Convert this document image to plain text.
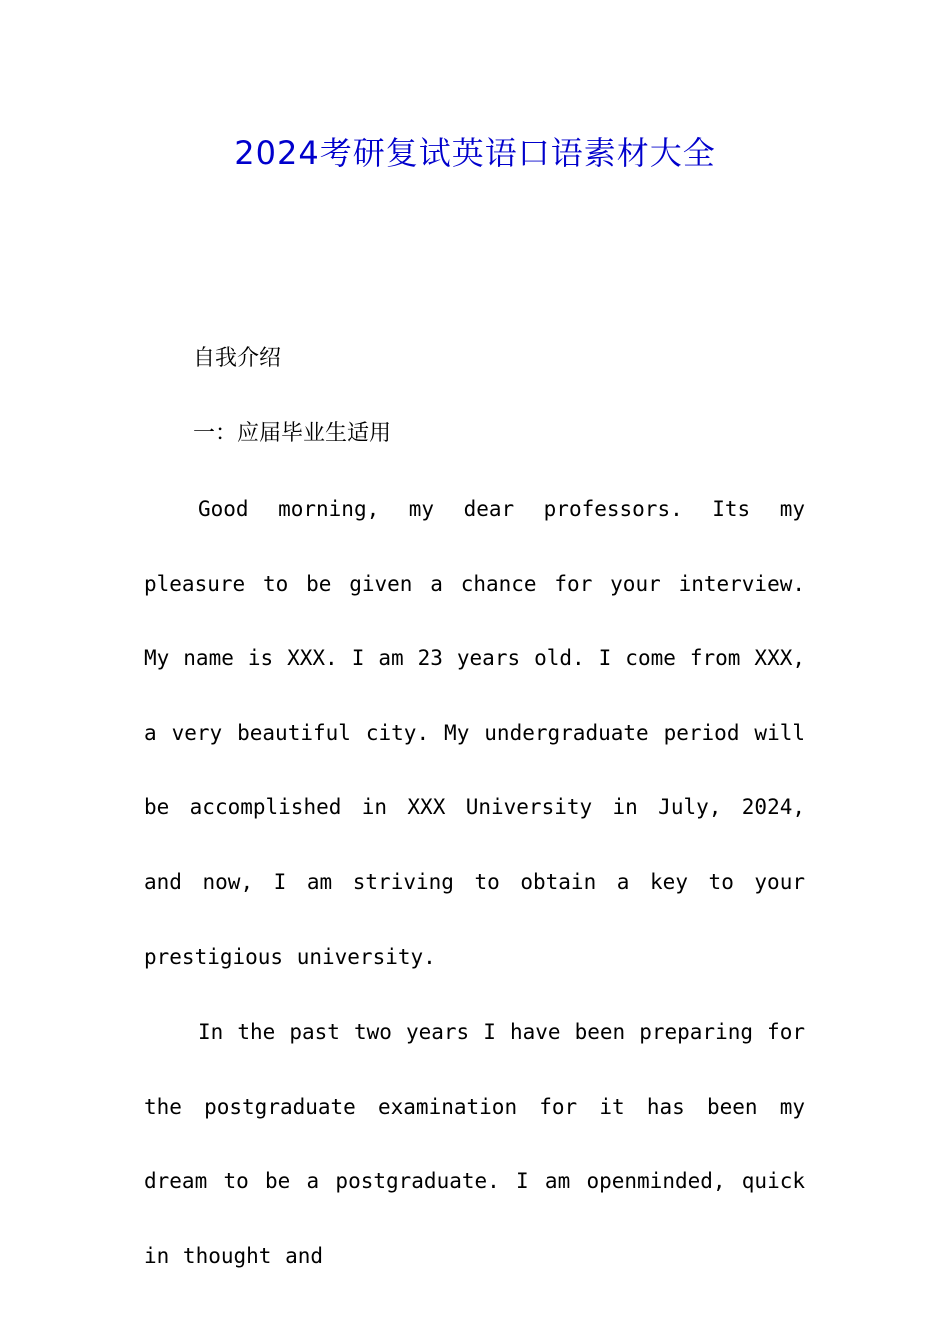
2024考研复试英语口语素材大全

自我介绍

一：应届毕业生适用

Good morning, my dear professors. Its my pleasure to be given a chance for your interview. My name is XXX. I am 23 years old. I come from XXX, a very beautiful city. My undergraduate period will be accomplished in XXX University in July, 2024, and now, I am striving to obtain a key to your prestigious university.

In the past two years I have been preparing for the postgraduate examination for it has been my dream to be a postgraduate. I am openminded, quick in thought and
